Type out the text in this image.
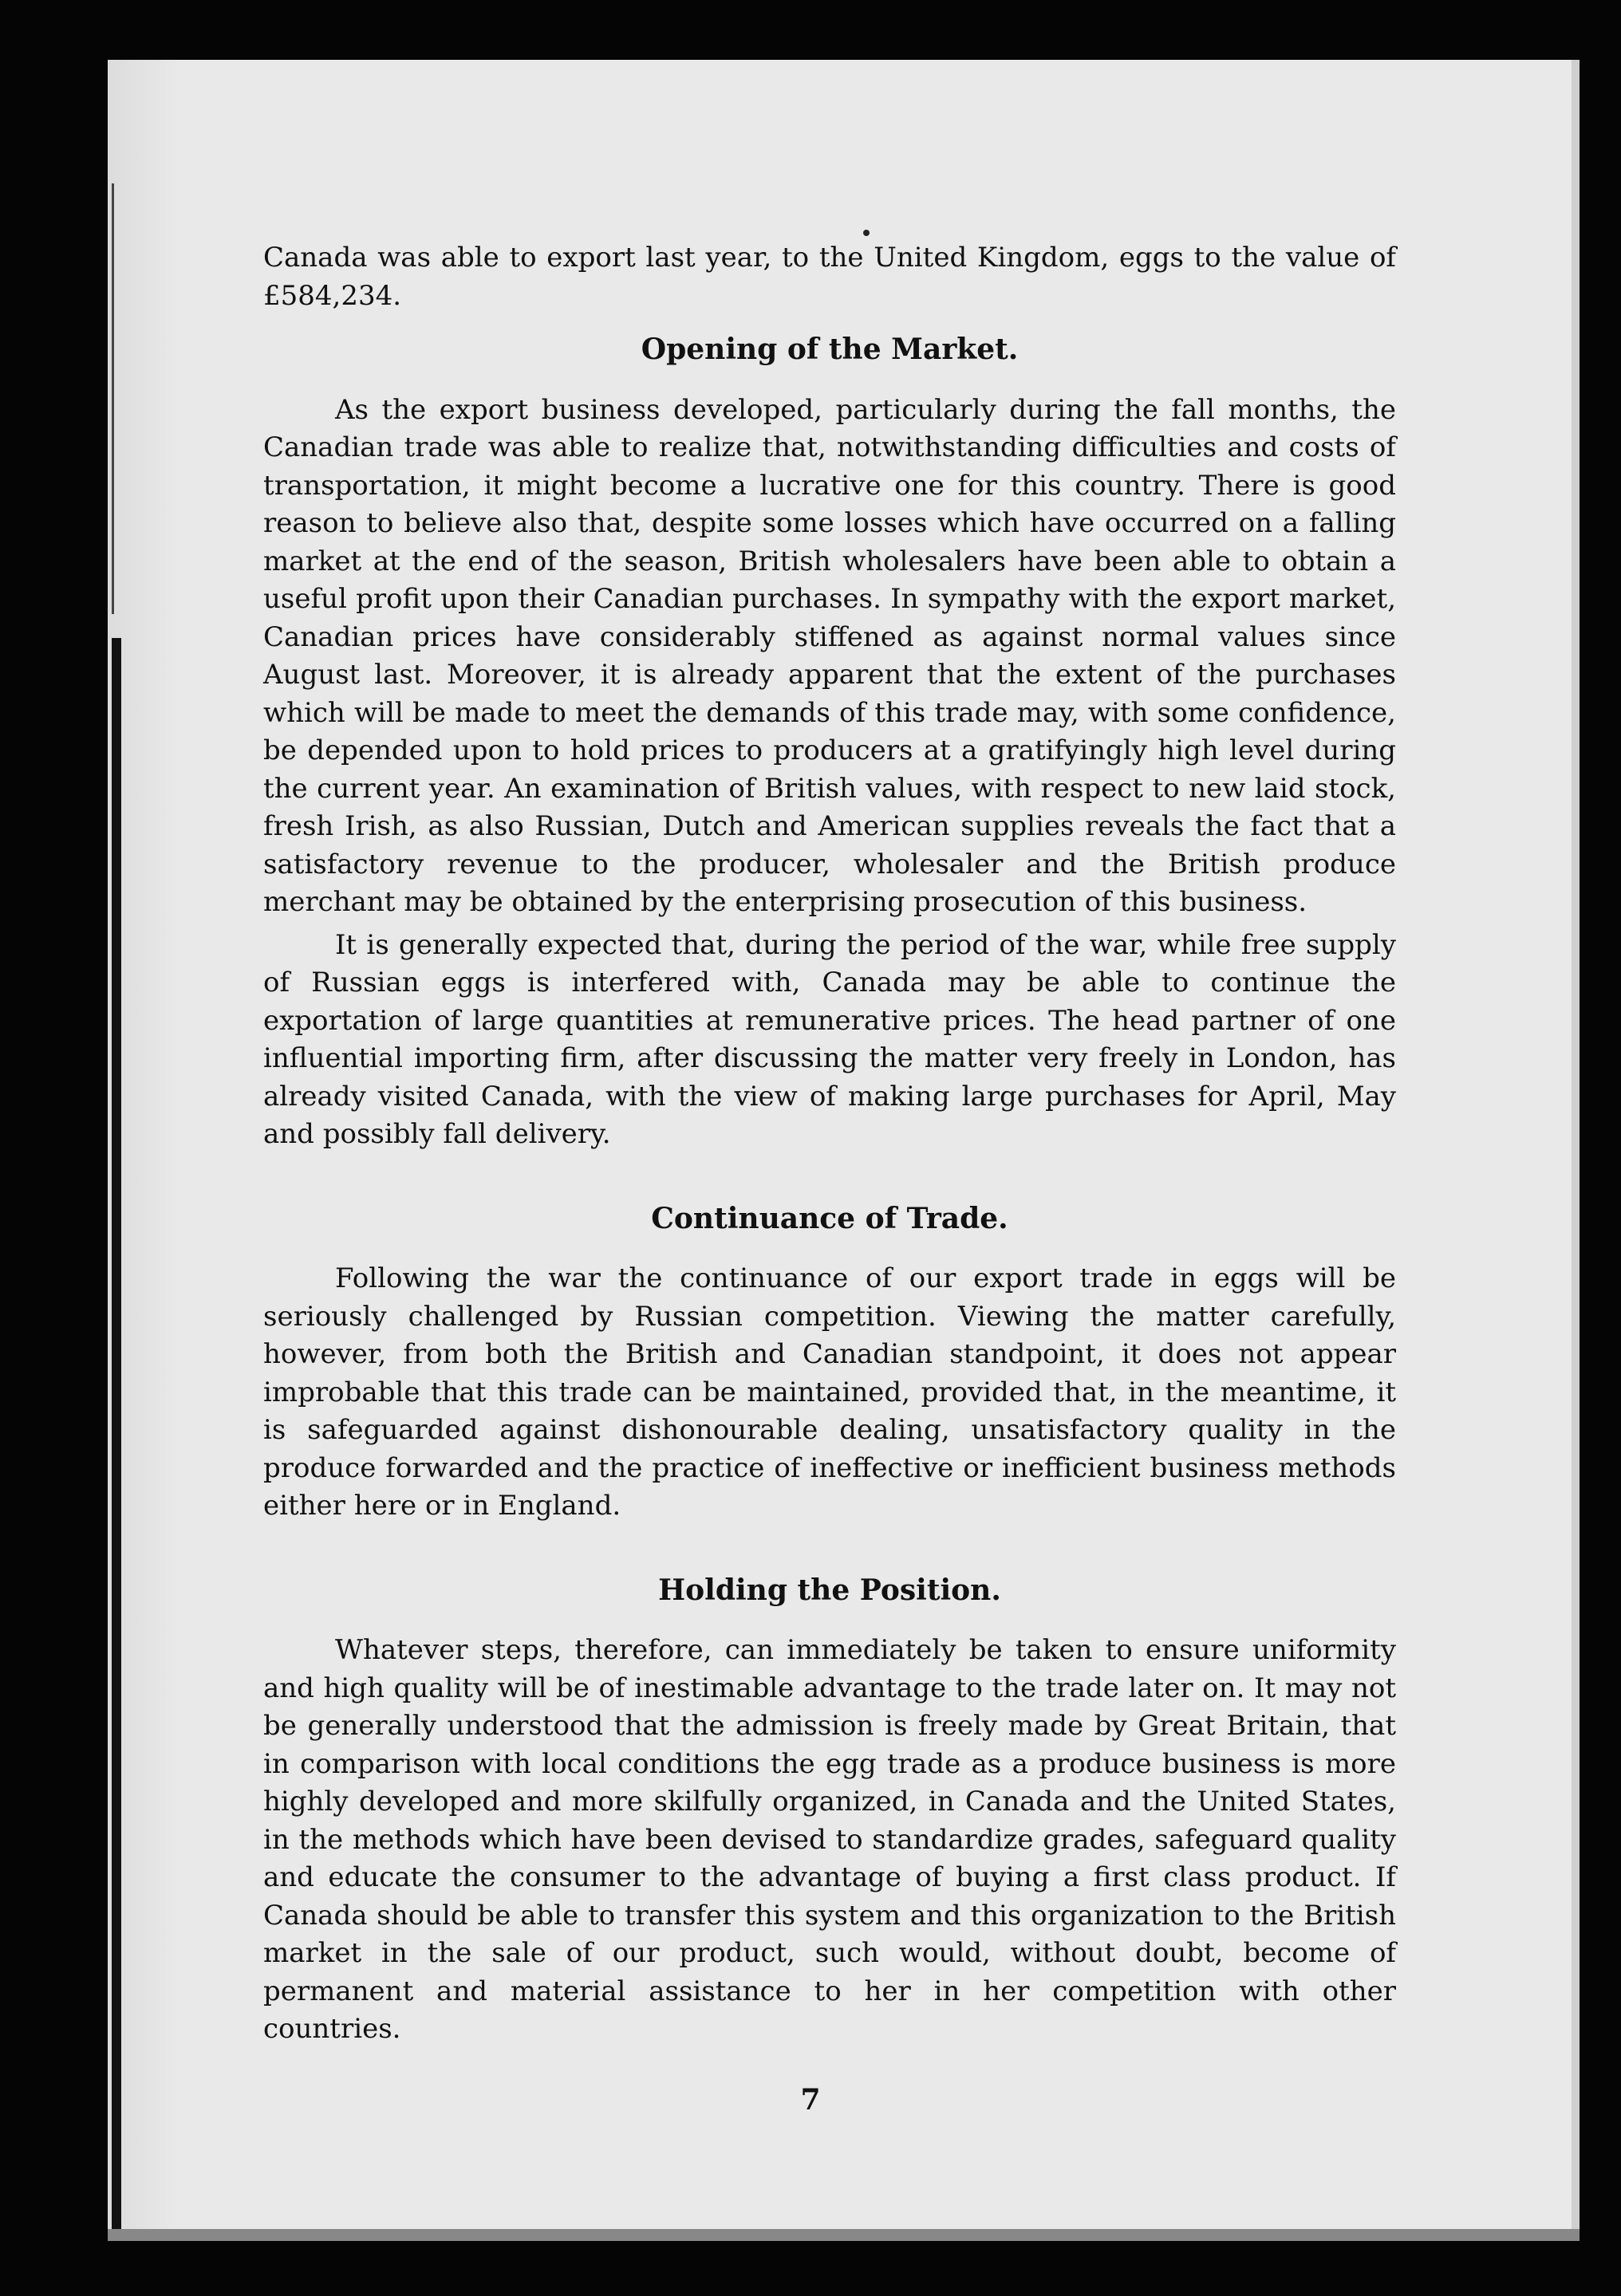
Canada was able to export last year, to the United Kingdom, eggs to the value of £584,234.

Opening of the Market.

As the export business developed, particularly during the fall months, the Canadian trade was able to realize that, notwithstanding difficulties and costs of transportation, it might become a lucrative one for this country. There is good reason to believe also that, despite some losses which have occurred on a falling market at the end of the season, British wholesalers have been able to obtain a useful profit upon their Canadian purchases. In sympathy with the export market, Canadian prices have considerably stiffened as against normal values since August last. Moreover, it is already apparent that the extent of the purchases which will be made to meet the demands of this trade may, with some confidence, be depended upon to hold prices to producers at a gratifyingly high level during the current year. An examination of British values, with respect to new laid stock, fresh Irish, as also Russian, Dutch and American supplies reveals the fact that a satisfactory revenue to the producer, wholesaler and the British produce merchant may be obtained by the enterprising prosecution of this business.

It is generally expected that, during the period of the war, while free supply of Russian eggs is interfered with, Canada may be able to continue the exportation of large quantities at remunerative prices. The head partner of one influential importing firm, after discussing the matter very freely in London, has already visited Canada, with the view of making large purchases for April, May and possibly fall delivery.

Continuance of Trade.

Following the war the continuance of our export trade in eggs will be seriously challenged by Russian competition. Viewing the matter carefully, however, from both the British and Canadian standpoint, it does not appear improbable that this trade can be maintained, provided that, in the meantime, it is safeguarded against dishonourable dealing, unsatisfactory quality in the produce forwarded and the practice of ineffective or inefficient business methods either here or in England.

Holding the Position.

Whatever steps, therefore, can immediately be taken to ensure uniformity and high quality will be of inestimable advantage to the trade later on. It may not be generally understood that the admission is freely made by Great Britain, that in comparison with local conditions the egg trade as a produce business is more highly developed and more skilfully organized, in Canada and the United States, in the methods which have been devised to standardize grades, safeguard quality and educate the consumer to the advantage of buying a first class product. If Canada should be able to transfer this system and this organization to the British market in the sale of our product, such would, without doubt, become of permanent and material assistance to her in her competition with other countries.

7
